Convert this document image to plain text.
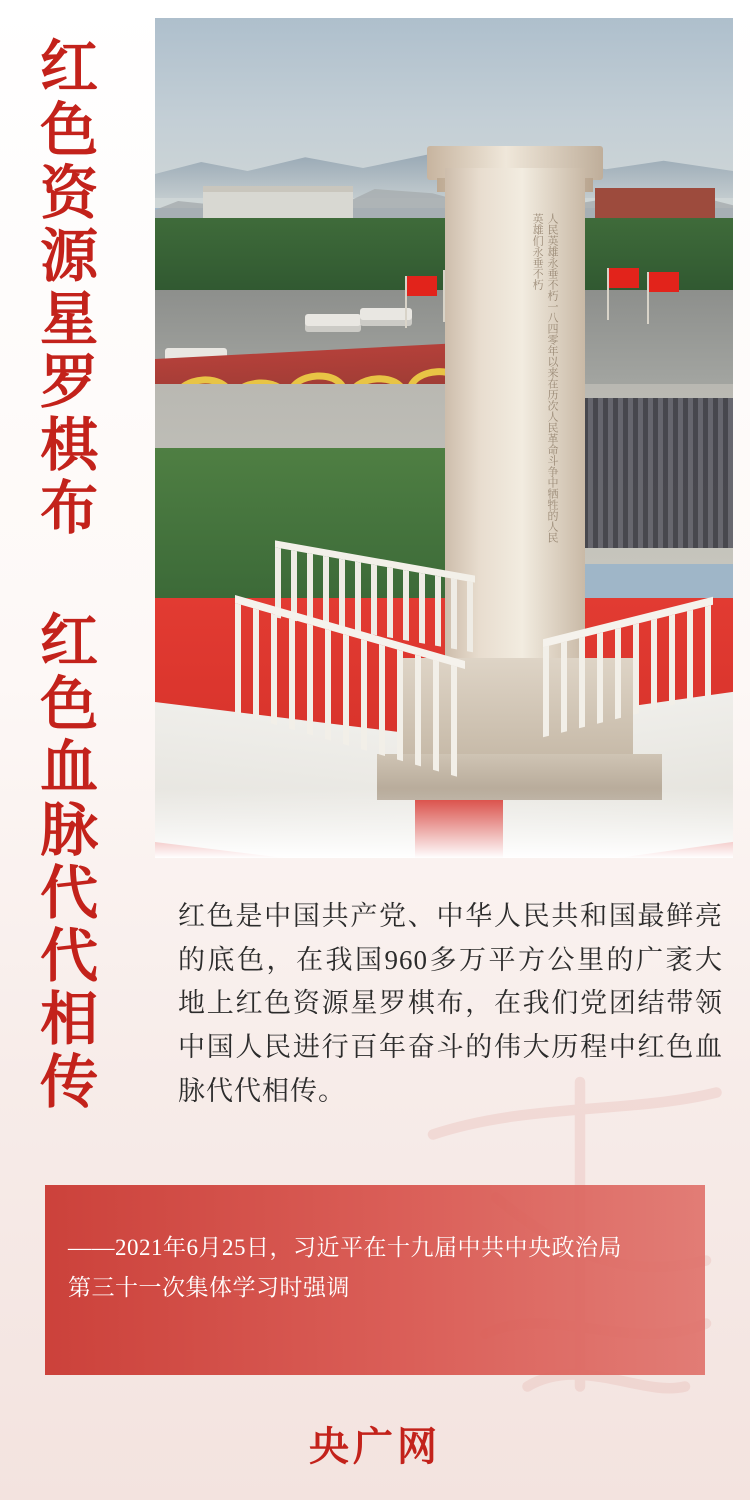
红色资源星罗棋布 红色血脉代代相传	人民英雄永垂不朽一八四零年以来在历次人民革命斗争中牺牲的人民英雄们永垂不朽
红色是中国共产党、中华人民共和国最鲜亮的底色，在我国960多万平方公里的广袤大地上红色资源星罗棋布，在我们党团结带领中国人民进行百年奋斗的伟大历程中红色血脉代代相传。
——2021年6月25日，习近平在十九届中共中央政治局
第三十一次集体学习时强调
央广网
